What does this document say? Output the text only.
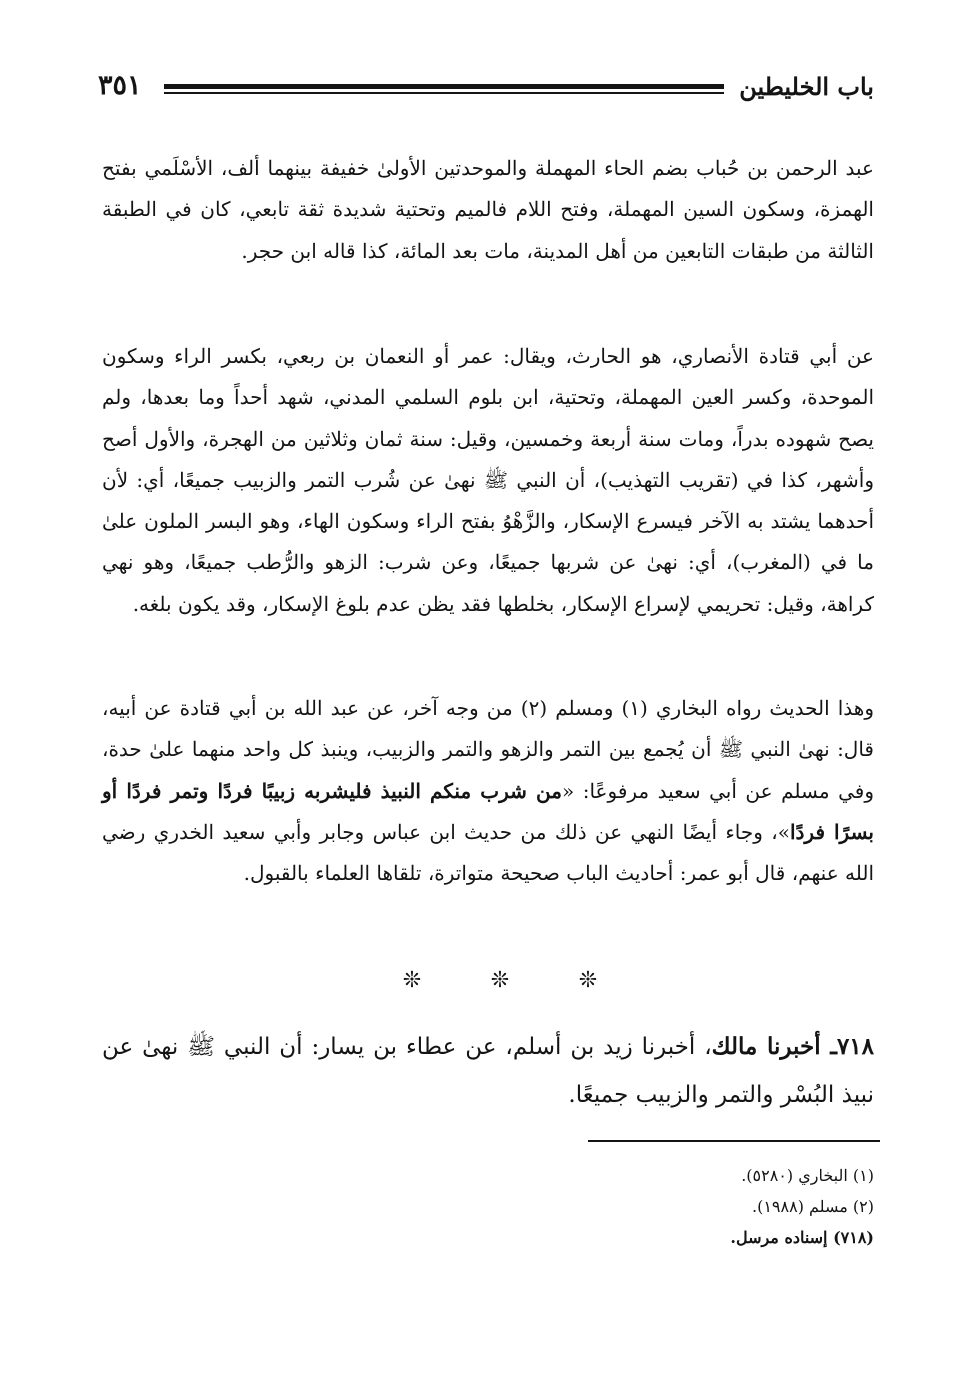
٣٥١	باب الخليطين

عبد الرحمن بن حُباب بضم الحاء المهملة والموحدتين الأولىٰ خفيفة بينهما ألف، الأسْلَمي بفتح الهمزة، وسكون السين المهملة، وفتح اللام فالميم وتحتية شديدة ثقة تابعي، كان في الطبقة الثالثة من طبقات التابعين من أهل المدينة، مات بعد المائة، كذا قاله ابن حجر.

عن أبي قتادة الأنصاري، هو الحارث، ويقال: عمر أو النعمان بن ربعي، بكسر الراء وسكون الموحدة، وكسر العين المهملة، وتحتية، ابن بلوم السلمي المدني، شهد أحداً وما بعدها، ولم يصح شهوده بدراً، ومات سنة أربعة وخمسين، وقيل: سنة ثمان وثلاثين من الهجرة، والأول أصح وأشهر، كذا في (تقريب التهذيب)، أن النبي ﷺ نهىٰ عن شُرب التمر والزبيب جميعًا، أي: لأن أحدهما يشتد به الآخر فيسرع الإسكار، والزَّهْوُ بفتح الراء وسكون الهاء، وهو البسر الملون علىٰ ما في (المغرب)، أي: نهىٰ عن شربها جميعًا، وعن شرب: الزهو والرُّطب جميعًا، وهو نهي كراهة، وقيل: تحريمي لإسراع الإسكار، بخلطها فقد يظن عدم بلوغ الإسكار، وقد يكون بلغه.

وهذا الحديث رواه البخاري (١) ومسلم (٢) من وجه آخر، عن عبد الله بن أبي قتادة عن أبيه، قال: نهىٰ النبي ﷺ أن يُجمع بين التمر والزهو والتمر والزبيب، وينبذ كل واحد منهما علىٰ حدة، وفي مسلم عن أبي سعيد مرفوعًا: «من شرب منكم النبيذ فليشربه زبيبًا فردًا وتمر فردًا أو بسرًا فردًا»، وجاء أيضًا النهي عن ذلك من حديث ابن عباس وجابر وأبي سعيد الخدري رضي الله عنهم، قال أبو عمر: أحاديث الباب صحيحة متواترة، تلقاها العلماء بالقبول.

❊	❊	❊

٧١٨ـ أخبرنا مالك، أخبرنا زيد بن أسلم، عن عطاء بن يسار: أن النبي ﷺ نهىٰ عن نبيذ البُسْر والتمر والزبيب جميعًا.

(١) البخاري (٥٢٨٠).
(٢) مسلم (١٩٨٨).
(٧١٨) إسناده مرسل.
